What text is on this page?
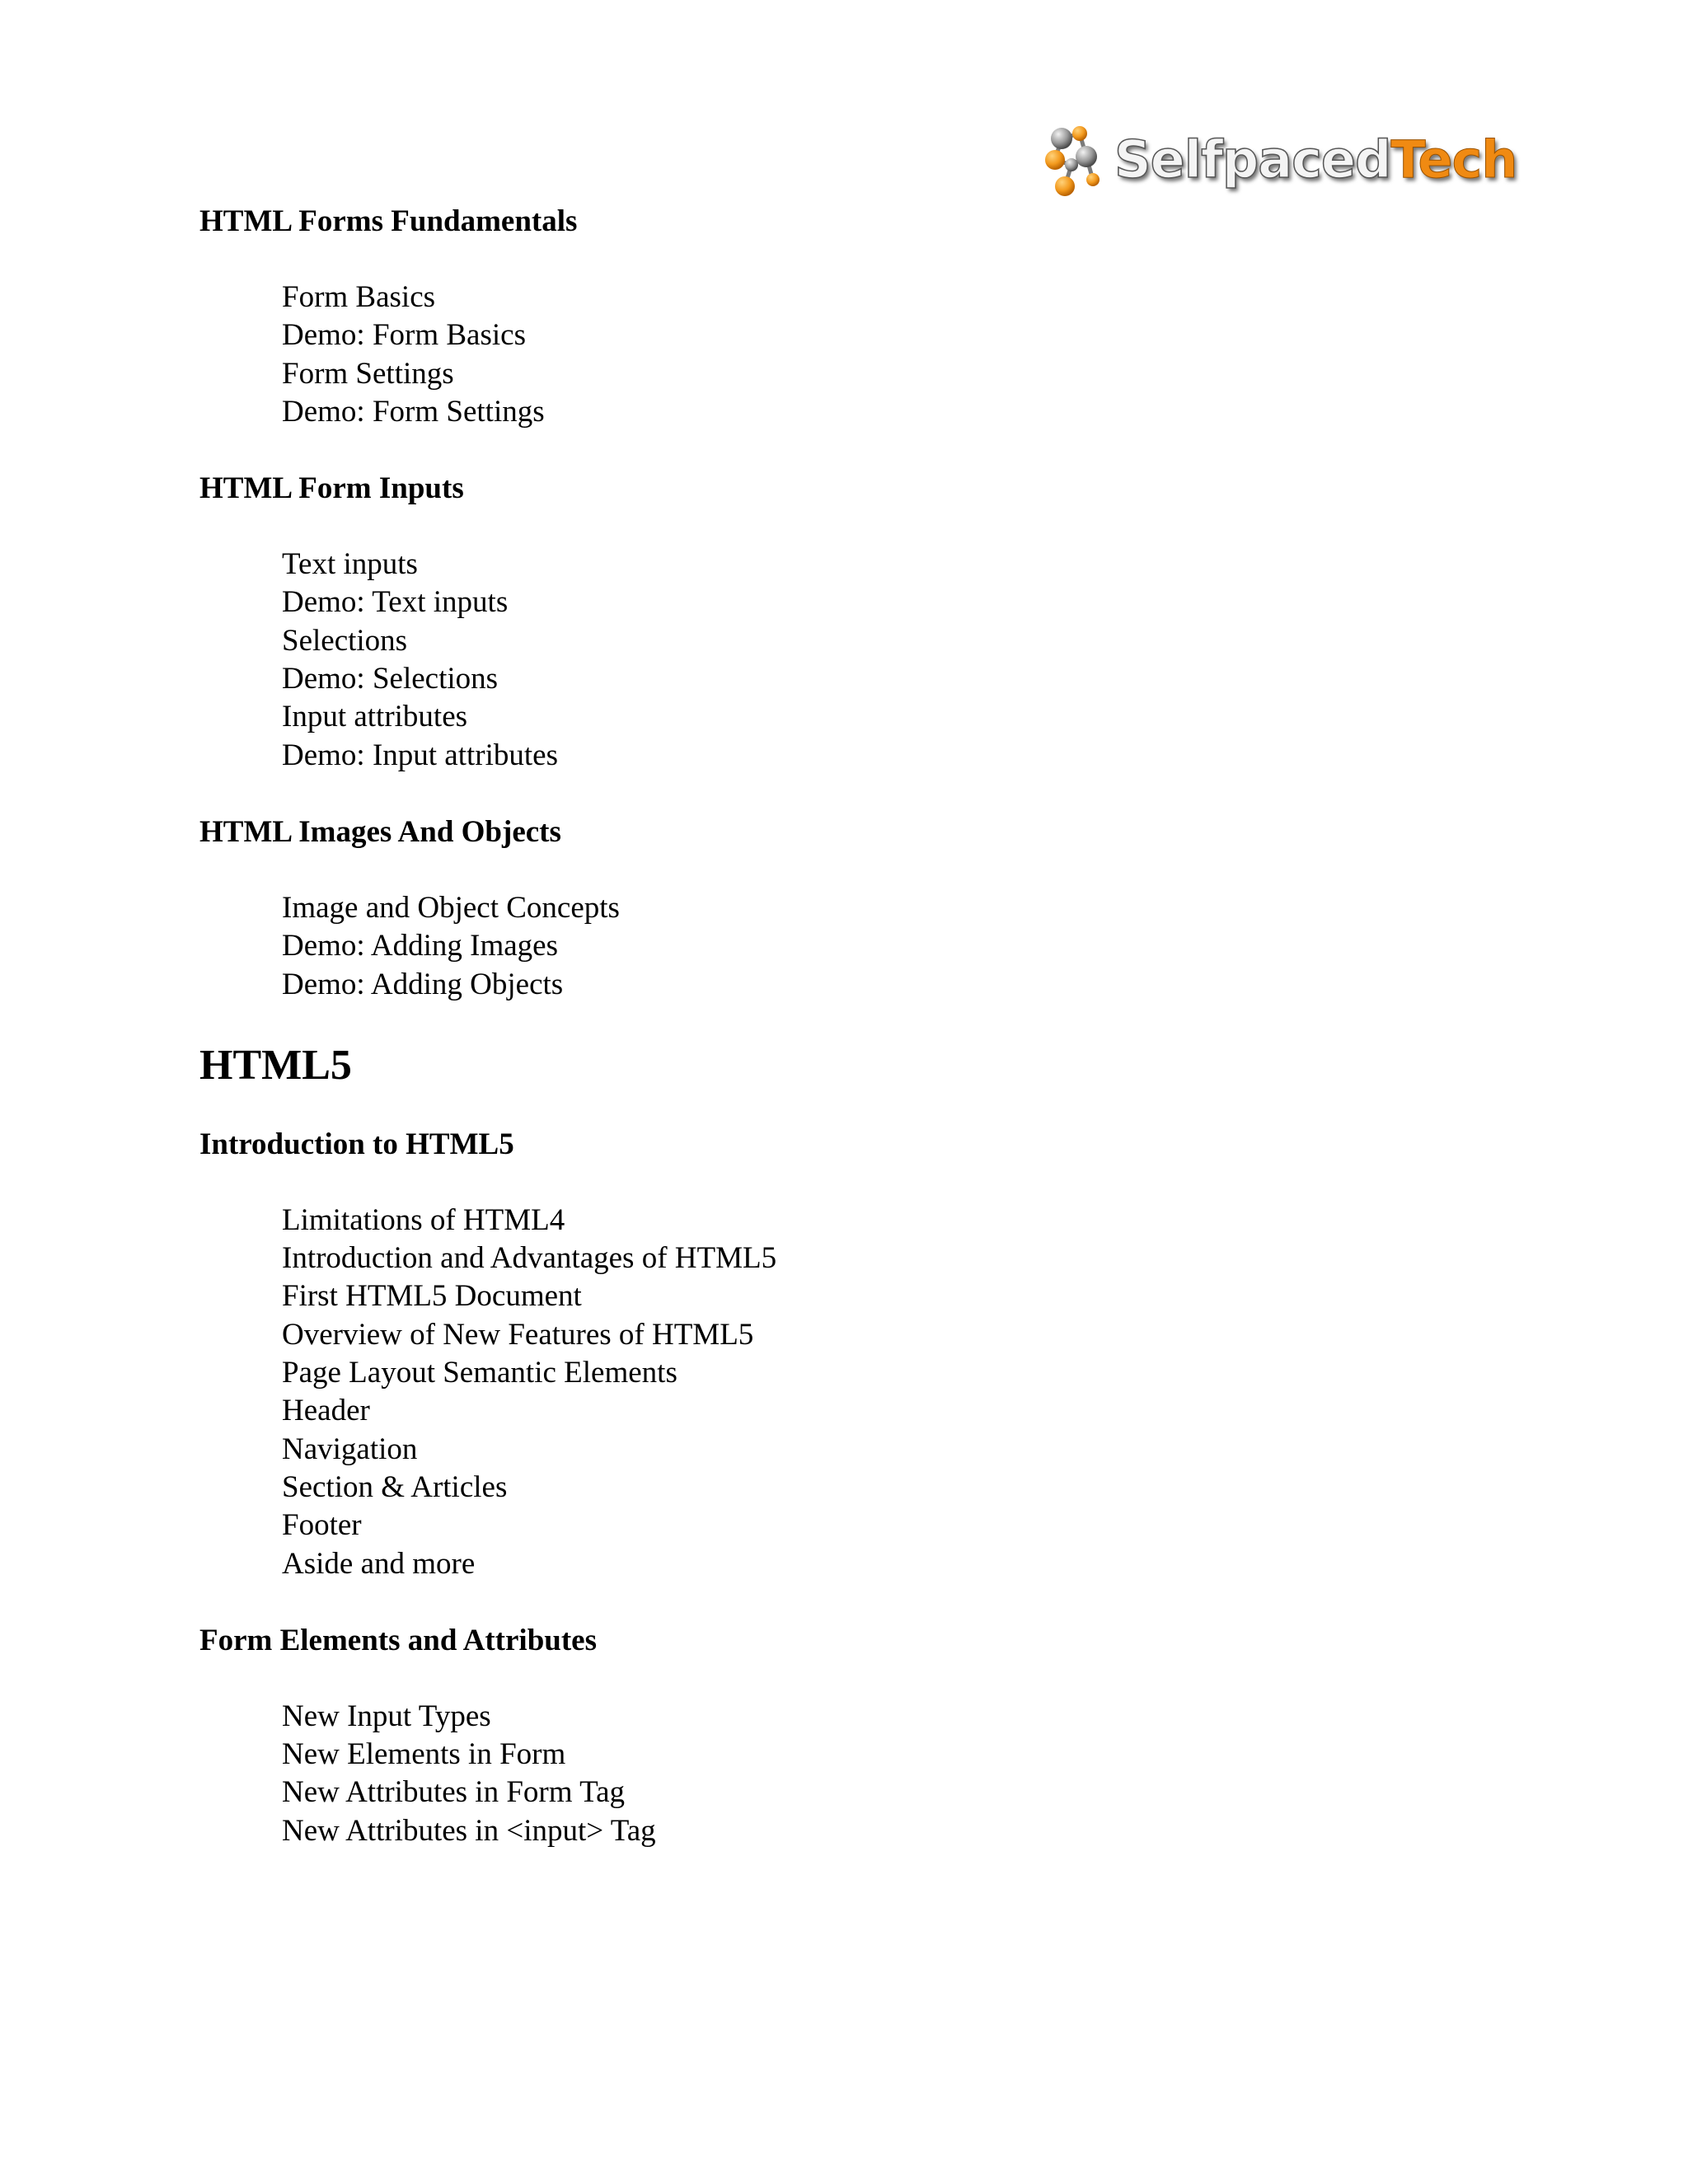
SelfpacedTech
HTML Forms Fundamentals
Form Basics
Demo: Form Basics
Form Settings
Demo: Form Settings
HTML Form Inputs
Text inputs
Demo: Text inputs
Selections
Demo: Selections
Input attributes
Demo: Input attributes
HTML Images And Objects
Image and Object Concepts
Demo: Adding Images
Demo: Adding Objects
HTML5
Introduction to HTML5
Limitations of HTML4
Introduction and Advantages of HTML5
First HTML5 Document
Overview of New Features of HTML5
Page Layout Semantic Elements
Header
Navigation
Section & Articles
Footer
Aside and more
Form Elements and Attributes
New Input Types
New Elements in Form
New Attributes in Form Tag
New Attributes in <input> Tag
